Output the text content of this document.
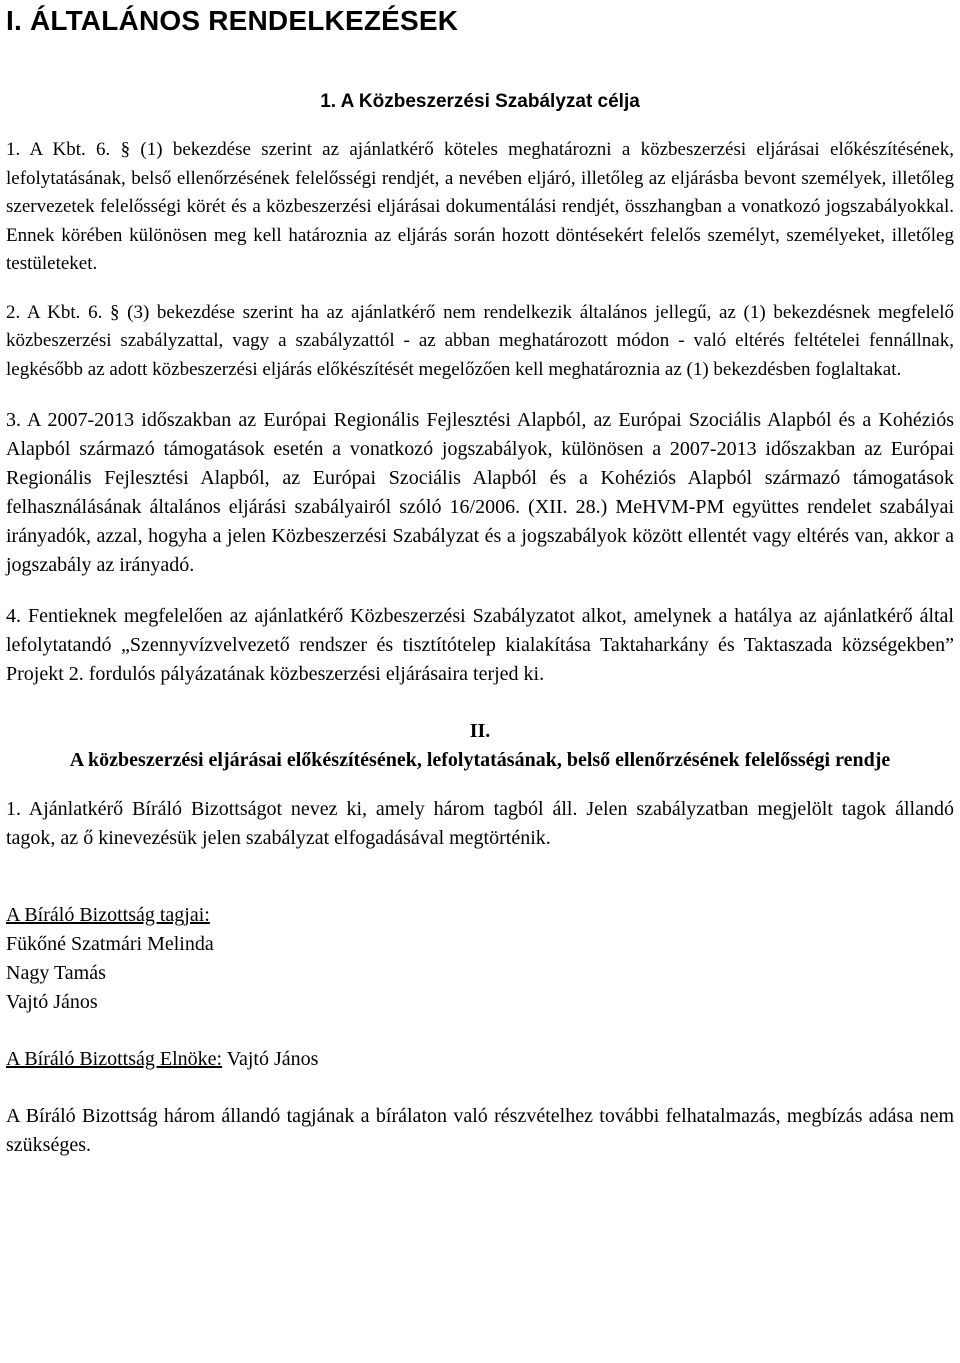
I. ÁLTALÁNOS RENDELKEZÉSEK
1. A Közbeszerzési Szabályzat célja

1. A Kbt. 6. § (1) bekezdése szerint az ajánlatkérő köteles meghatározni a közbeszerzési eljárásai előkészítésének, lefolytatásának, belső ellenőrzésének felelősségi rendjét, a nevében eljáró, illetőleg az eljárásba bevont személyek, illetőleg szervezetek felelősségi körét és a közbeszerzési eljárásai dokumentálási rendjét, összhangban a vonatkozó jogszabályokkal. Ennek körében különösen meg kell határoznia az eljárás során hozott döntésekért felelős személyt, személyeket, illetőleg testületeket.

2. A Kbt. 6. § (3) bekezdése szerint ha az ajánlatkérő nem rendelkezik általános jellegű, az (1) bekezdésnek megfelelő közbeszerzési szabályzattal, vagy a szabályzattól - az abban meghatározott módon - való eltérés feltételei fennállnak, legkésőbb az adott közbeszerzési eljárás előkészítését megelőzően kell meghatároznia az (1) bekezdésben foglaltakat.

3. A 2007-2013 időszakban az Európai Regionális Fejlesztési Alapból, az Európai Szociális Alapból és a Kohéziós Alapból származó támogatások esetén a vonatkozó jogszabályok, különösen a 2007-2013 időszakban az Európai Regionális Fejlesztési Alapból, az Európai Szociális Alapból és a Kohéziós Alapból származó támogatások felhasználásának általános eljárási szabályairól szóló 16/2006. (XII. 28.) MeHVM-PM együttes rendelet szabályai irányadók, azzal, hogyha a jelen Közbeszerzési Szabályzat és a jogszabályok között ellentét vagy eltérés van, akkor a jogszabály az irányadó.

4. Fentieknek megfelelően az ajánlatkérő Közbeszerzési Szabályzatot alkot, amelynek a hatálya az ajánlatkérő által lefolytatandó „Szennyvízvelvezető rendszer és tisztítótelep kialakítása Taktaharkány és Taktaszada községekben” Projekt 2. fordulós pályázatának közbeszerzési eljárásaira terjed ki.

II.

A közbeszerzési eljárásai előkészítésének, lefolytatásának, belső ellenőrzésének felelősségi rendje

1. Ajánlatkérő Bíráló Bizottságot nevez ki, amely három tagból áll. Jelen szabályzatban megjelölt tagok állandó tagok, az ő kinevezésük jelen szabályzat elfogadásával megtörténik.

A Bíráló Bizottság tagjai:

Fükőné Szatmári Melinda

Nagy Tamás

Vajtó János

A Bíráló Bizottság Elnöke: Vajtó János

A Bíráló Bizottság három állandó tagjának a bírálaton való részvételhez további felhatalmazás, megbízás adása nem szükséges.
